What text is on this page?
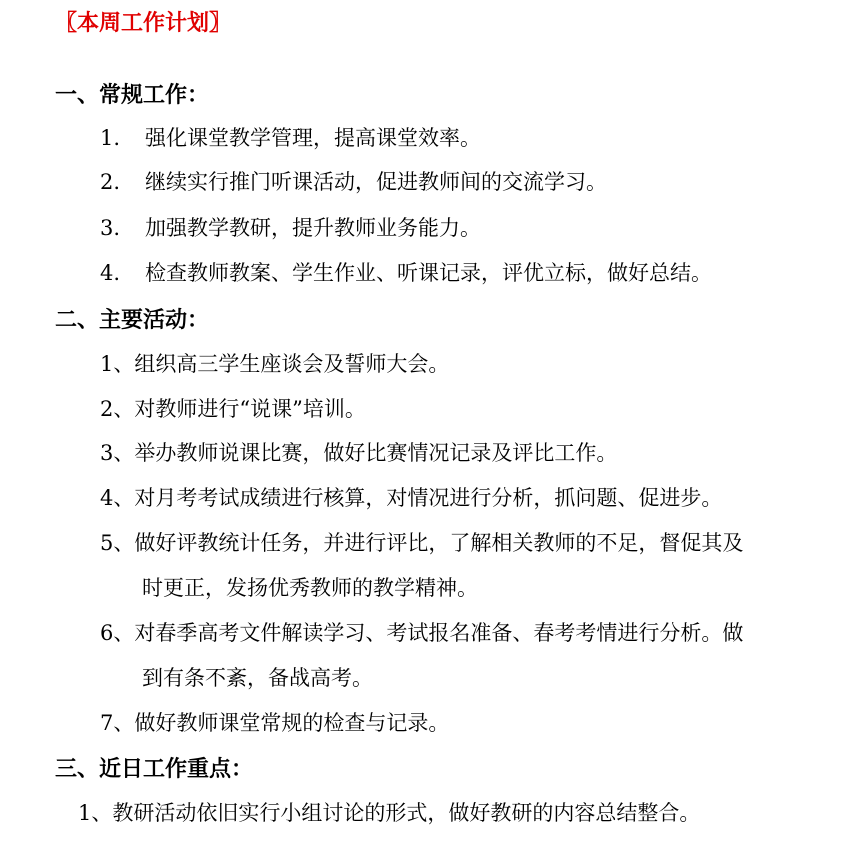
〖本周工作计划〗
一、常规工作：
1. 强化课堂教学管理，提高课堂效率。
2. 继续实行推门听课活动，促进教师间的交流学习。
3. 加强教学教研，提升教师业务能力。
4. 检查教师教案、学生作业、听课记录，评优立标，做好总结。
二、主要活动：
1、组织高三学生座谈会及誓师大会。
2、对教师进行“说课”培训。
3、举办教师说课比赛，做好比赛情况记录及评比工作。
4、对月考考试成绩进行核算，对情况进行分析，抓问题、促进步。
5、做好评教统计任务，并进行评比，了解相关教师的不足，督促其及
时更正，发扬优秀教师的教学精神。
6、对春季高考文件解读学习、考试报名准备、春考考情进行分析。做
到有条不紊，备战高考。
7、做好教师课堂常规的检查与记录。
三、近日工作重点：
1、教研活动依旧实行小组讨论的形式，做好教研的内容总结整合。
